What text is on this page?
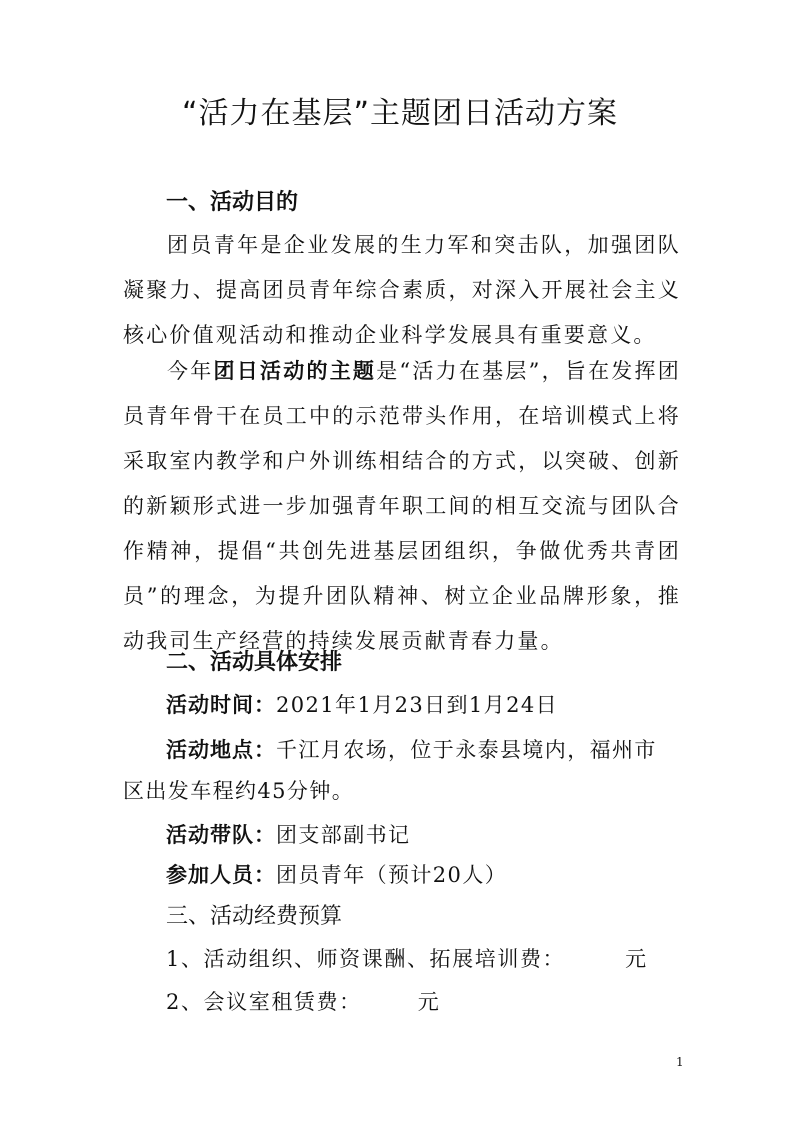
“活力在基层”主题团日活动方案
一、活动目的
团员青年是企业发展的生力军和突击队，加强团队凝聚力、提高团员青年综合素质，对深入开展社会主义核心价值观活动和推动企业科学发展具有重要意义。
今年团日活动的主题是“活力在基层”，旨在发挥团员青年骨干在员工中的示范带头作用，在培训模式上将采取室内教学和户外训练相结合的方式，以突破、创新的新颖形式进一步加强青年职工间的相互交流与团队合作精神，提倡“共创先进基层团组织，争做优秀共青团员”的理念，为提升团队精神、树立企业品牌形象，推动我司生产经营的持续发展贡献青春力量。
二、活动具体安排
活动时间：2021年1月23日到1月24日
活动地点：千江月农场，位于永泰县境内，福州市
区出发车程约45分钟。
活动带队：团支部副书记
参加人员：团员青年（预计20人）
三、活动经费预算
1、活动组织、师资课酬、拓展培训费：	元
2、会议室租赁费：	元
1
